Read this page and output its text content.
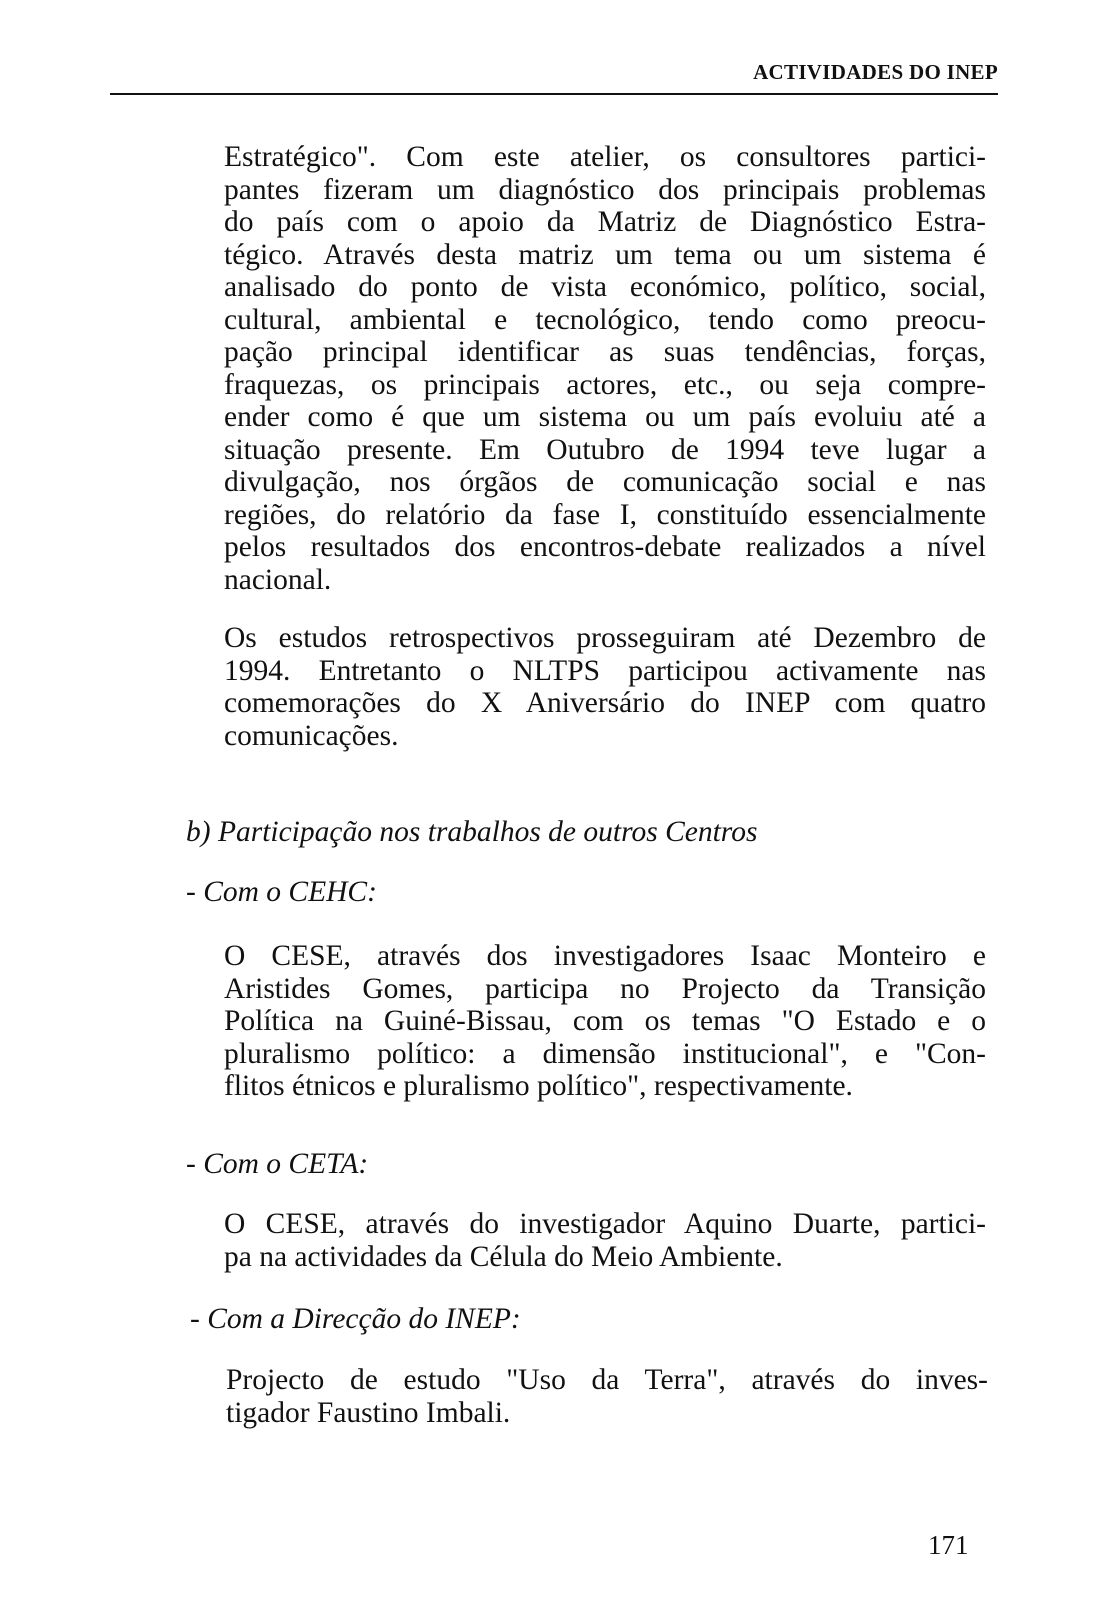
ACTIVIDADES DO INEP
Estratégico". Com este atelier, os consultores partici-
pantes fizeram um diagnóstico dos principais problemas
do país com o apoio da Matriz de Diagnóstico Estra-
tégico. Através desta matriz um tema ou um sistema é
analisado do ponto de vista económico, político, social,
cultural, ambiental e tecnológico, tendo como preocu-
pação principal identificar as suas tendências, forças,
fraquezas, os principais actores, etc., ou seja compre-
ender como é que um sistema ou um país evoluiu até a
situação presente. Em Outubro de 1994 teve lugar a
divulgação, nos órgãos de comunicação social e nas
regiões, do relatório da fase I, constituído essencialmente
pelos resultados dos encontros-debate realizados a nível
nacional.
Os estudos retrospectivos prosseguiram até Dezembro de
1994. Entretanto o NLTPS participou activamente nas
comemorações do X Aniversário do INEP com quatro
comunicações.
b) Participação nos trabalhos de outros Centros
- Com o CEHC:
O CESE, através dos investigadores Isaac Monteiro e
Aristides Gomes, participa no Projecto da Transição
Política na Guiné-Bissau, com os temas "O Estado e o
pluralismo político: a dimensão institucional", e "Con-
flitos étnicos e pluralismo político", respectivamente.
- Com o CETA:
O CESE, através do investigador Aquino Duarte, partici-
pa na actividades da Célula do Meio Ambiente.
- Com a Direcção do INEP:
Projecto de estudo "Uso da Terra", através do inves-
tigador Faustino Imbali.
171
